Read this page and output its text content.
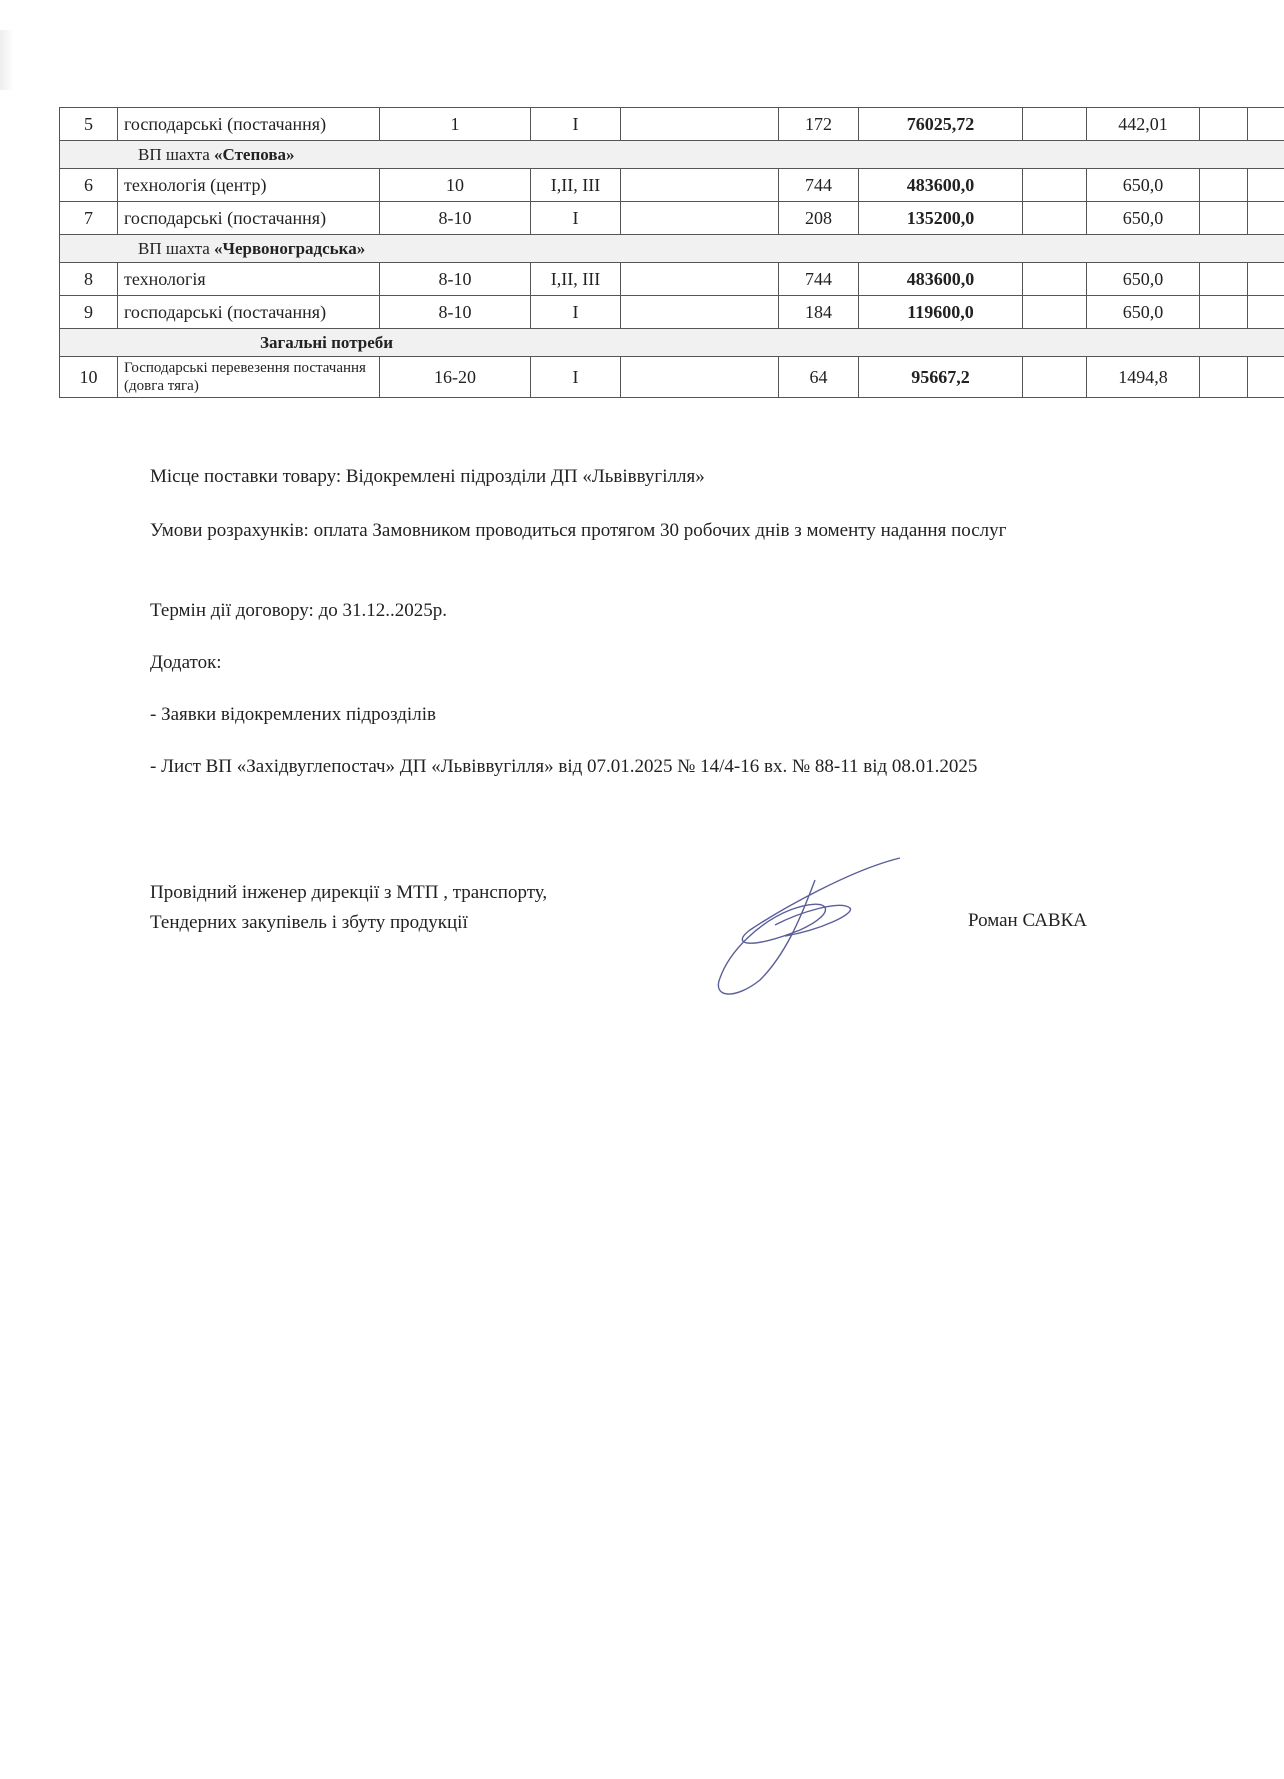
5	господарські (постачання)	1	I		172	76025,72		442,01		
ВП шахта «Степова»										
6	технологія (центр)	10	I,II, III		744	483600,0		650,0		
7	господарські (постачання)	8-10	I		208	135200,0		650,0		
ВП шахта «Червоноградська»										
8	технологія	8-10	I,II, III		744	483600,0		650,0		
9	господарські (постачання)	8-10	I		184	119600,0		650,0		
Загальні потреби										
10	Господарські перевезення постачання (довга тяга)	16-20	I		64	95667,2		1494,8		
Місце поставки товару: Відокремлені підрозділи ДП «Львіввугілля»
Умови розрахунків: оплата Замовником проводиться протягом 30 робочих днів з моменту надання послуг
Термін дії договору: до 31.12..2025р.
Додаток:
- Заявки відокремлених підрозділів
- Лист ВП «Західвуглепостач» ДП «Львіввугілля» від 07.01.2025 № 14/4-16 вх. № 88-11 від 08.01.2025
Провідний інженер дирекції з МТП , транспорту,
Тендерних закупівель і збуту продукції	Роман САВКА
